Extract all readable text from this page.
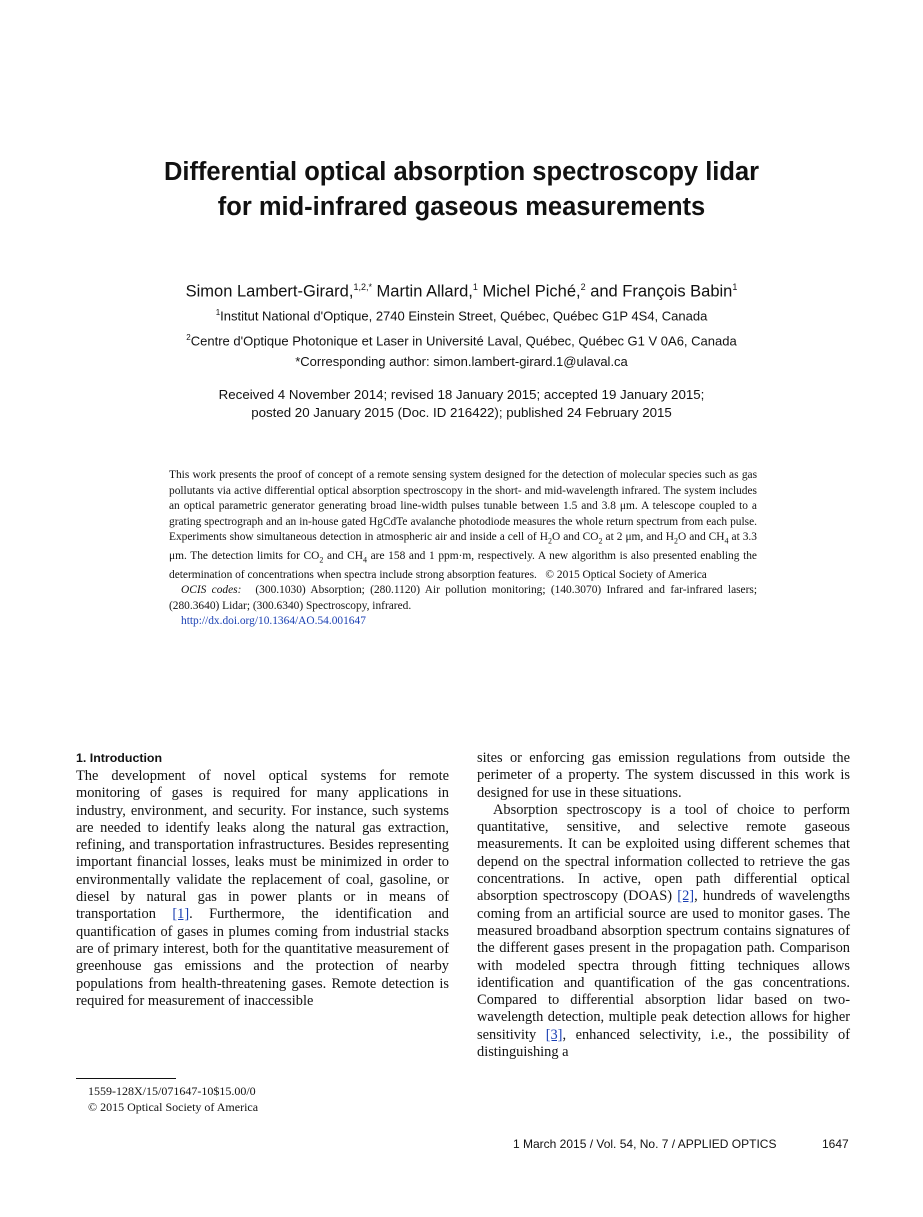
Differential optical absorption spectroscopy lidar
for mid-infrared gaseous measurements
Simon Lambert-Girard,$^{1,2,*}$ Martin Allard,$^1$ Michel Piché,$^2$ and François Babin$^1$
$^1$Institut National d'Optique, 2740 Einstein Street, Québec, Québec G1P 4S4, Canada
$^2$Centre d'Optique Photonique et Laser in Université Laval, Québec, Québec G1 V 0A6, Canada
*Corresponding author: simon.lambert-girard.1@ulaval.ca
Received 4 November 2014; revised 18 January 2015; accepted 19 January 2015;
posted 20 January 2015 (Doc. ID 216422); published 24 February 2015

This work presents the proof of concept of a remote sensing system designed for the detection of molecular species such as gas pollutants via active differential optical absorption spectroscopy in the short- and mid-wavelength infrared. The system includes an optical parametric generator generating broad line-width pulses tunable between 1.5 and 3.8 μm. A telescope coupled to a grating spectrograph and an in-house gated HgCdTe avalanche photodiode measures the whole return spectrum from each pulse. Experiments show simultaneous detection in atmospheric air and inside a cell of $H_2O$ and $CO_2$ at 2 μm, and $H_2O$ and $CH_4$ at 3.3 μm. The detection limits for $CO_2$ and $CH_4$ are 158 and 1 ppm·m, respectively. A new algorithm is also presented enabling the determination of concentrations when spectra include strong absorption features. © 2015 Optical Society of America

OCIS codes: (300.1030) Absorption; (280.1120) Air pollution monitoring; (140.3070) Infrared and far-infrared lasers; (280.3640) Lidar; (300.6340) Spectroscopy, infrared.

http://dx.doi.org/10.1364/AO.54.001647

1. Introduction

The development of novel optical systems for remote monitoring of gases is required for many applications in industry, environment, and security. For instance, such systems are needed to identify leaks along the natural gas extraction, refining, and transportation infrastructures. Besides representing important financial losses, leaks must be minimized in order to environmentally validate the replacement of coal, gasoline, or diesel by natural gas in power plants or in means of transportation [1]. Furthermore, the identification and quantification of gases in plumes coming from industrial stacks are of primary interest, both for the quantitative measurement of greenhouse gas emissions and the protection of nearby populations from health-threatening gases. Remote detection is required for measurement of inaccessible

sites or enforcing gas emission regulations from outside the perimeter of a property. The system discussed in this work is designed for use in these situations.

Absorption spectroscopy is a tool of choice to perform quantitative, sensitive, and selective remote gaseous measurements. It can be exploited using different schemes that depend on the spectral information collected to retrieve the gas concentrations. In active, open path differential optical absorption spectroscopy (DOAS) [2], hundreds of wavelengths coming from an artificial source are used to monitor gases. The measured broadband absorption spectrum contains signatures of the different gases present in the propagation path. Comparison with modeled spectra through fitting techniques allows identification and quantification of the gas concentrations. Compared to differential absorption lidar based on two-wavelength detection, multiple peak detection allows for higher sensitivity [3], enhanced selectivity, i.e., the possibility of distinguishing a

1559-128X/15/071647-10$15.00/0
© 2015 Optical Society of America
1 March 2015 / Vol. 54, No. 7 / APPLIED OPTICS	1647
